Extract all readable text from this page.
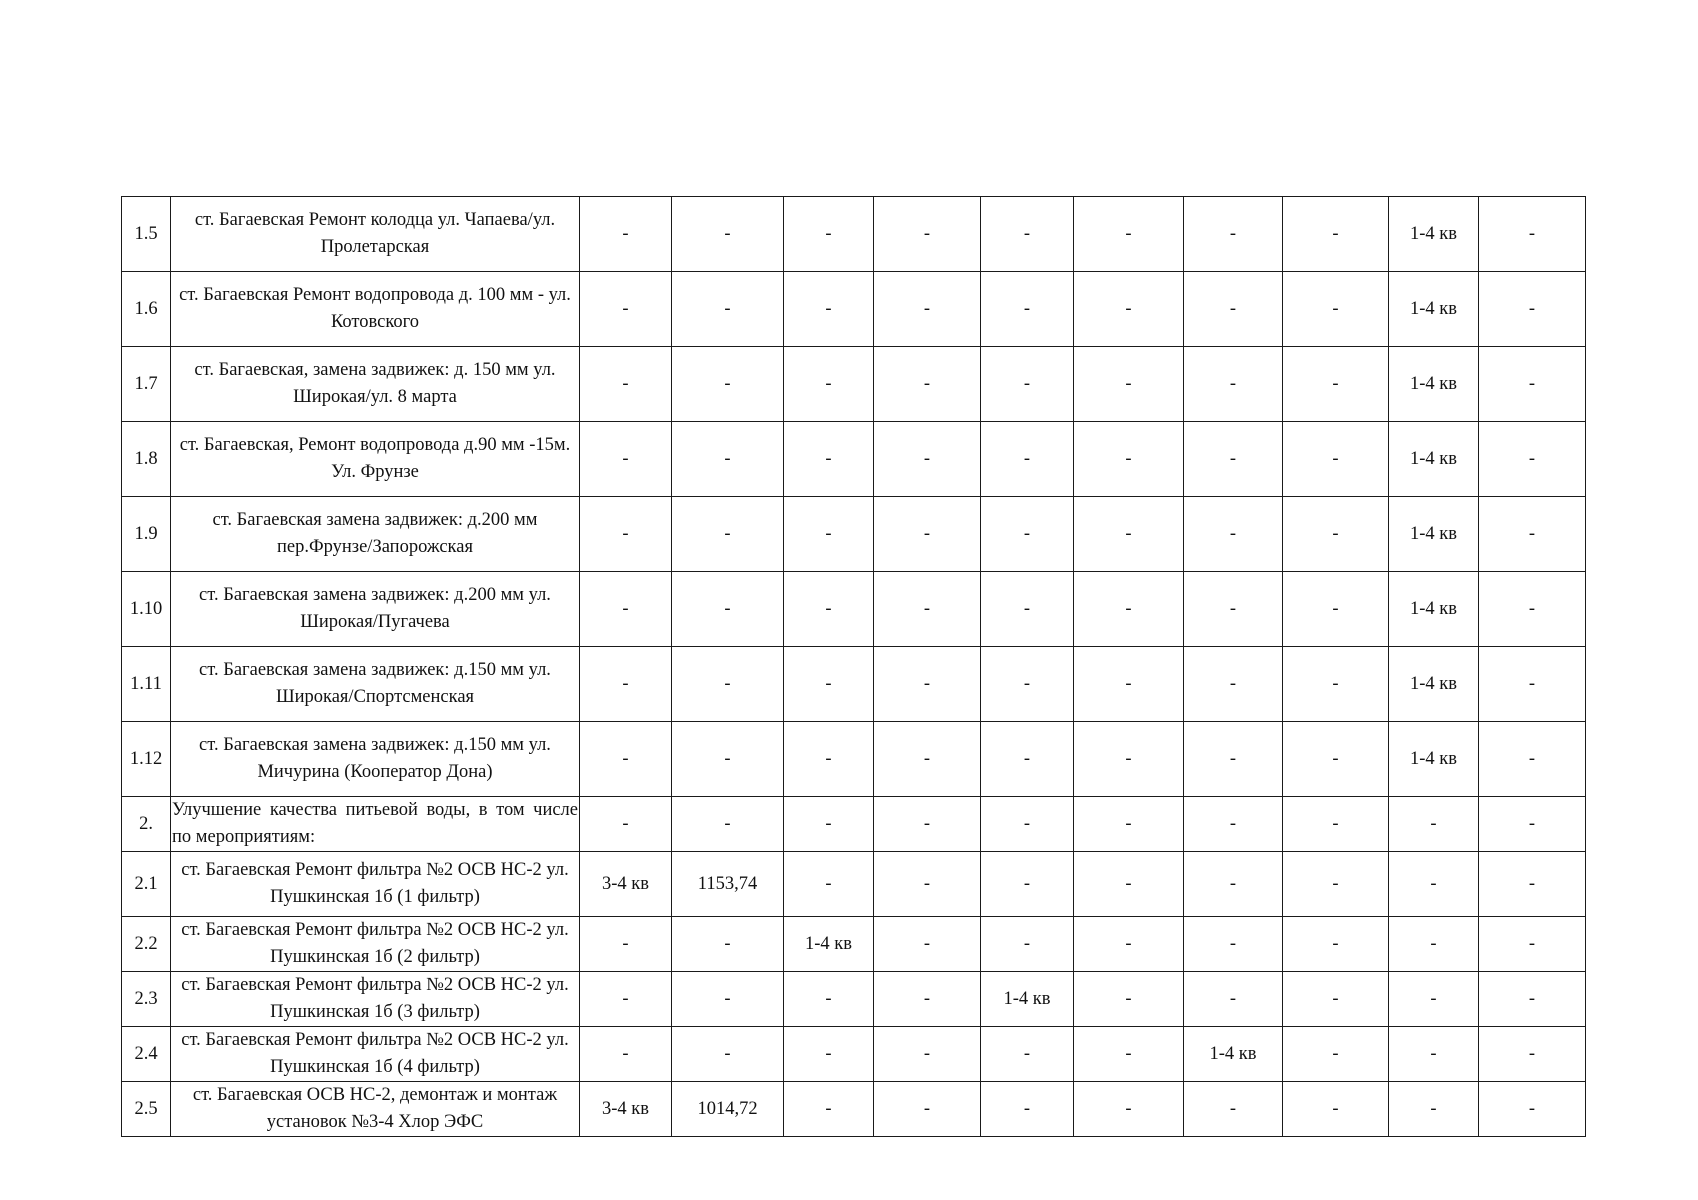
1.5	ст. Багаевская Ремонт колодца ул. Чапаева/ул. Пролетарская	-	-	-	-	-	-	-	-	1-4 кв	-
1.6	ст. Багаевская Ремонт водопровода д. 100 мм - ул. Котовского	-	-	-	-	-	-	-	-	1-4 кв	-
1.7	ст. Багаевская, замена задвижек: д. 150 мм ул. Широкая/ул. 8 марта	-	-	-	-	-	-	-	-	1-4 кв	-
1.8	ст. Багаевская, Ремонт водопровода д.90 мм -15м. Ул. Фрунзе	-	-	-	-	-	-	-	-	1-4 кв	-
1.9	ст. Багаевская замена задвижек: д.200 мм пер.Фрунзе/Запорожская	-	-	-	-	-	-	-	-	1-4 кв	-
1.10	ст. Багаевская замена задвижек: д.200 мм ул. Широкая/Пугачева	-	-	-	-	-	-	-	-	1-4 кв	-
1.11	ст. Багаевская замена задвижек: д.150 мм ул. Широкая/Спортсменская	-	-	-	-	-	-	-	-	1-4 кв	-
1.12	ст. Багаевская замена задвижек: д.150 мм ул. Мичурина (Кооператор Дона)	-	-	-	-	-	-	-	-	1-4 кв	-
2.	Улучшение качества питьевой воды, в том числе по мероприятиям:	-	-	-	-	-	-	-	-	-	-
2.1	ст. Багаевская Ремонт фильтра №2 ОСВ НС-2 ул. Пушкинская 1б (1 фильтр)	3-4 кв	1153,74	-	-	-	-	-	-	-	-
2.2	ст. Багаевская Ремонт фильтра №2 ОСВ НС-2 ул. Пушкинская 1б (2 фильтр)	-	-	1-4 кв	-	-	-	-	-	-	-
2.3	ст. Багаевская Ремонт фильтра №2 ОСВ НС-2 ул. Пушкинская 1б (3 фильтр)	-	-	-	-	1-4 кв	-	-	-	-	-
2.4	ст. Багаевская Ремонт фильтра №2 ОСВ НС-2 ул. Пушкинская 1б (4 фильтр)	-	-	-	-	-	-	1-4 кв	-	-	-
2.5	ст. Багаевская ОСВ НС-2, демонтаж и монтаж установок №3-4 Хлор ЭФС	3-4 кв	1014,72	-	-	-	-	-	-	-	-
